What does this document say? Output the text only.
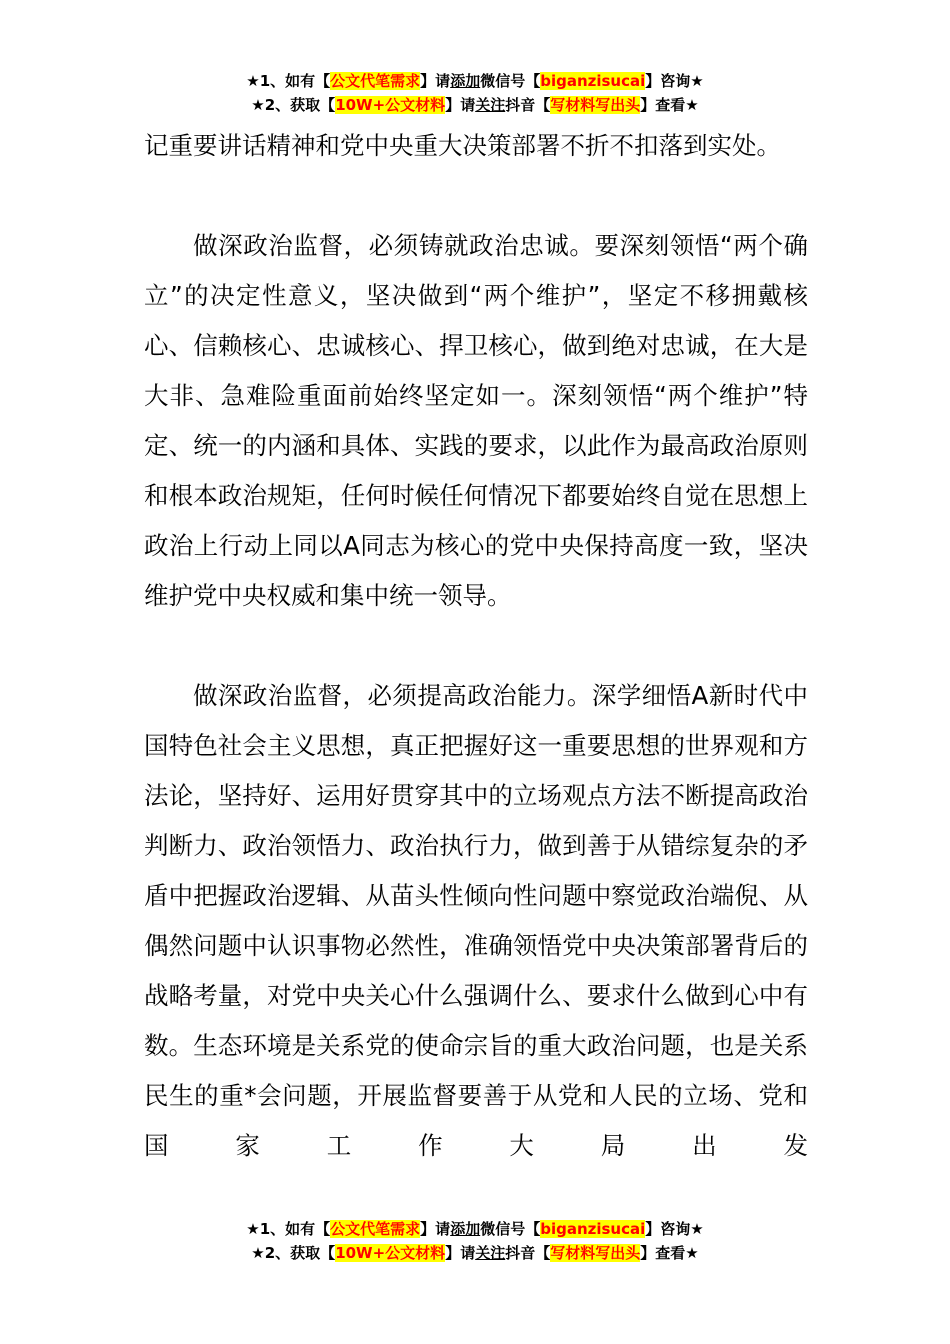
★1、如有【公文代笔需求】请添加微信号【biganzisucai】咨询★
★2、获取【10W+公文材料】请关注抖音【写材料写出头】查看★

记重要讲话精神和党中央重大决策部署不折不扣落到实处。

做深政治监督，必须铸就政治忠诚。要深刻领悟“两个确立”的决定性意义，坚决做到“两个维护”，坚定不移拥戴核心、信赖核心、忠诚核心、捍卫核心，做到绝对忠诚，在大是大非、急难险重面前始终坚定如一。深刻领悟“两个维护”特定、统一的内涵和具体、实践的要求，以此作为最高政治原则和根本政治规矩，任何时候任何情况下都要始终自觉在思想上政治上行动上同以A同志为核心的党中央保持高度一致，坚决维护党中央权威和集中统一领导。

做深政治监督，必须提高政治能力。深学细悟A新时代中国特色社会主义思想，真正把握好这一重要思想的世界观和方法论，坚持好、运用好贯穿其中的立场观点方法不断提高政治判断力、政治领悟力、政治执行力，做到善于从错综复杂的矛盾中把握政治逻辑、从苗头性倾向性问题中察觉政治端倪、从偶然问题中认识事物必然性，准确领悟党中央决策部署背后的战略考量，对党中央关心什么强调什么、要求什么做到心中有数。生态环境是关系党的使命宗旨的重大政治问题，也是关系民生的重*会问题，开展监督要善于从党和人民的立场、党和国家工作大局出发

★1、如有【公文代笔需求】请添加微信号【biganzisucai】咨询★
★2、获取【10W+公文材料】请关注抖音【写材料写出头】查看★
